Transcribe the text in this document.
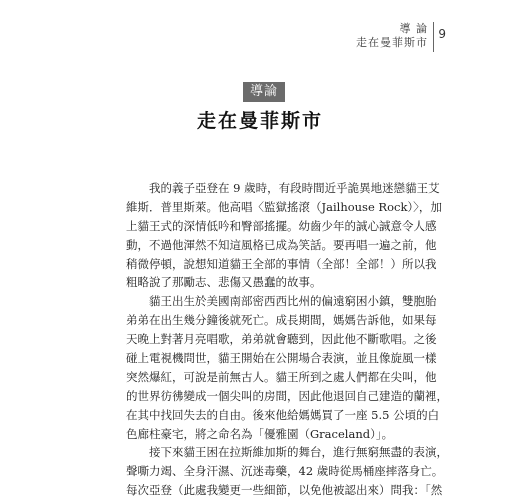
導 論
走在曼菲斯市
9
導論
走在曼菲斯市
我的義子亞登在 9 歲時，有段時間近乎詭異地迷戀貓王艾
維斯．普里斯萊。他高唱〈監獄搖滾（Jailhouse Rock）〉，加
上貓王式的深情低吟和臀部搖擺。幼齒少年的誠心誠意令人感
動，不過他渾然不知這風格已成為笑話。要再唱一遍之前，他
稍微停頓，說想知道貓王全部的事情（全部！全部！）所以我
粗略說了那勵志、悲傷又愚蠢的故事。
貓王出生於美國南部密西西比州的偏遠窮困小鎮，雙胞胎
弟弟在出生幾分鐘後就死亡。成長期間，媽媽告訴他，如果每
天晚上對著月亮唱歌，弟弟就會聽到，因此他不斷歌唱。之後
碰上電視機問世，貓王開始在公開場合表演，並且像旋風一樣
突然爆紅，可說是前無古人。貓王所到之處人們都在尖叫，他
的世界彷彿變成一個尖叫的房間，因此他退回自己建造的蘭裡，
在其中找回失去的自由。後來他給媽媽買了一座 5.5 公頃的白
色廊柱豪宅，將之命名為「優雅園（Graceland）」。
接下來貓王困在拉斯維加斯的舞台，進行無窮無盡的表演，
聲嘶力竭、全身汗濕、沉迷毒藥，42 歲時從馬桶座摔落身亡。
每次亞登（此處我變更一些細節，以免他被認出來）問我：「然
